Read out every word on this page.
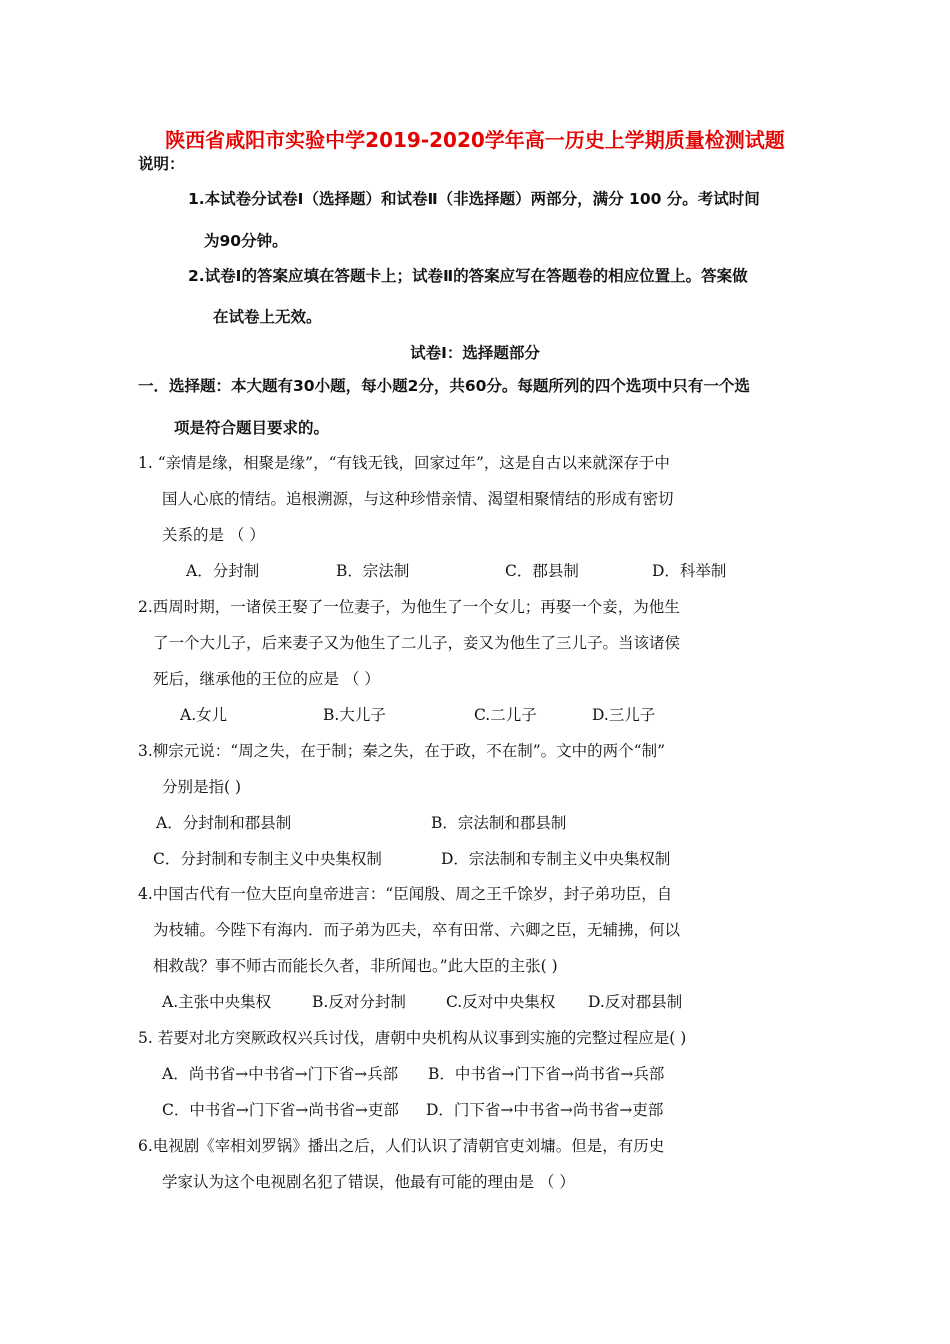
陕西省咸阳市实验中学2019-2020学年高一历史上学期质量检测试题
说明：
1.本试卷分试卷Ⅰ（选择题）和试卷Ⅱ（非选择题）两部分，满分 100 分。考试时间
为90分钟。
2.试卷Ⅰ的答案应填在答题卡上；试卷Ⅱ的答案应写在答题卷的相应位置上。答案做
在试卷上无效。
试卷Ⅰ：选择题部分
一．选择题：本大题有30小题，每小题2分，共60分。每题所列的四个选项中只有一个选
项是符合题目要求的。
1. “亲情是缘，相聚是缘”，“有钱无钱，回家过年”，这是自古以来就深存于中
国人心底的情结。追根溯源，与这种珍惜亲情、渴望相聚情结的形成有密切
关系的是 （ ）
A．分封制	B．宗法制	C．郡县制	D．科举制
2.西周时期，一诸侯王娶了一位妻子，为他生了一个女儿；再娶一个妾，为他生
了一个大儿子，后来妻子又为他生了二儿子，妾又为他生了三儿子。当该诸侯
死后，继承他的王位的应是 （ ）
A.女儿	B.大儿子	C.二儿子	D.三儿子
3.柳宗元说：“周之失，在于制；秦之失，在于政，不在制”。文中的两个“制”
分别是指( )
A．分封制和郡县制	B．宗法制和郡县制
C．分封制和专制主义中央集权制	D．宗法制和专制主义中央集权制
4.中国古代有一位大臣向皇帝进言：“臣闻殷、周之王千馀岁，封子弟功臣，自
为枝辅。今陛下有海内．而子弟为匹夫，卒有田常、六卿之臣，无辅拂，何以
相救哉？事不师古而能长久者，非所闻也。”此大臣的主张( )
A.主张中央集权	B.反对分封制	C.反对中央集权 D.反对郡县制
5. 若要对北方突厥政权兴兵讨伐，唐朝中央机构从议事到实施的完整过程应是( )
A．尚书省→中书省→门下省→兵部 B．中书省→门下省→尚书省→兵部
C．中书省→门下省→尚书省→吏部 D．门下省→中书省→尚书省→吏部
6.电视剧《宰相刘罗锅》播出之后，人们认识了清朝官吏刘墉。但是，有历史
学家认为这个电视剧名犯了错误，他最有可能的理由是 （ ）
